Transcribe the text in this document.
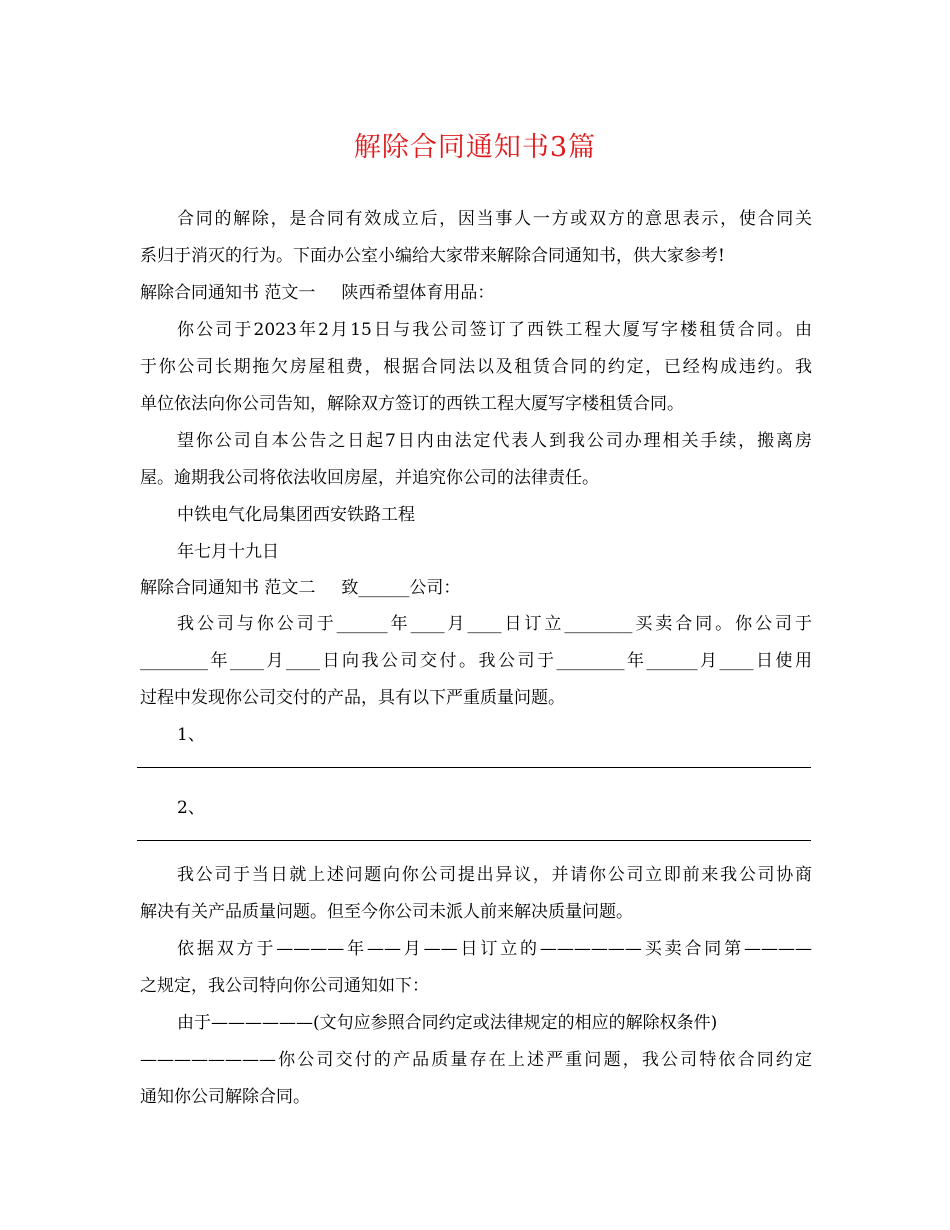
解除合同通知书3篇
合同的解除，是合同有效成立后，因当事人一方或双方的意思表示，使合同关
系归于消灭的行为。下面办公室小编给大家带来解除合同通知书，供大家参考!
解除合同通知书 范文一 陕西希望体育用品：
你公司于2023年2月15日与我公司签订了西铁工程大厦写字楼租赁合同。由
于你公司长期拖欠房屋租费，根据合同法以及租赁合同的约定，已经构成违约。我
单位依法向你公司告知，解除双方签订的西铁工程大厦写字楼租赁合同。
望你公司自本公告之日起7日内由法定代表人到我公司办理相关手续，搬离房
屋。逾期我公司将依法收回房屋，并追究你公司的法律责任。
中铁电气化局集团西安铁路工程
年七月十九日
解除合同通知书 范文二 致______公司：
我公司与你公司于______年____月____日订立________买卖合同。你公司于
________年____月____日向我公司交付。我公司于________年______月____日使用
过程中发现你公司交付的产品，具有以下严重质量问题。
1、
2、
我公司于当日就上述问题向你公司提出异议，并请你公司立即前来我公司协商
解决有关产品质量问题。但至今你公司未派人前来解决质量问题。
依据双方于————年——月——日订立的——————买卖合同第————
之规定，我公司特向你公司通知如下：
由于——————(文句应参照合同约定或法律规定的相应的解除权条件)
————————你公司交付的产品质量存在上述严重问题，我公司特依合同约定
通知你公司解除合同。
